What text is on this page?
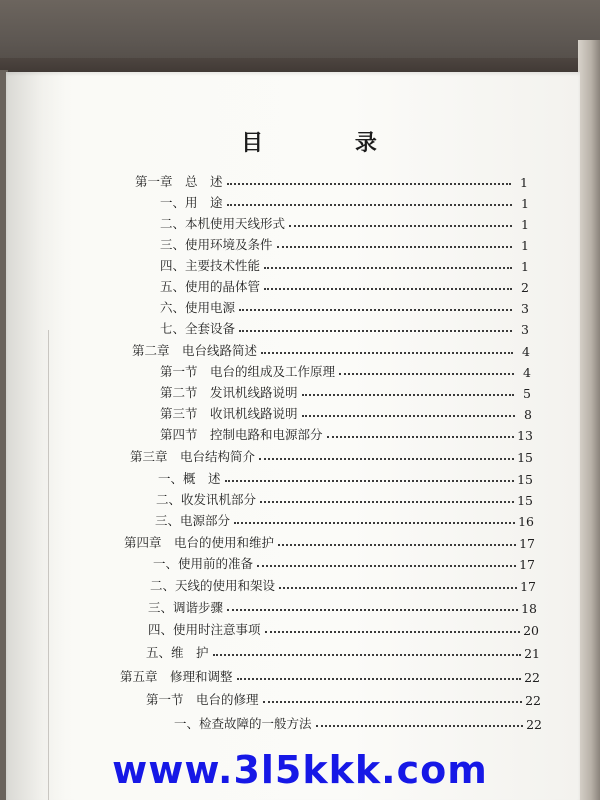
目 录
第一章　总　述	1
一、用　途	1
二、本机使用天线形式	1
三、使用环境及条件	1
四、主要技术性能	1
五、使用的晶体管	2
六、使用电源	3
七、全套设备	3
第二章　电台线路简述	4
第一节　电台的组成及工作原理	4
第二节　发讯机线路说明	5
第三节　收讯机线路说明	8
第四节　控制电路和电源部分	13
第三章　电台结构简介	15
一、概　述	15
二、收发讯机部分	15
三、电源部分	16
第四章　电台的使用和维护	17
一、使用前的准备	17
二、天线的使用和架设	17
三、调谐步骤	18
四、使用时注意事项	20
五、维　护	21
第五章　修理和调整	22
第一节　电台的修理	22
一、检查故障的一般方法	22
www.3l5kkk.com
